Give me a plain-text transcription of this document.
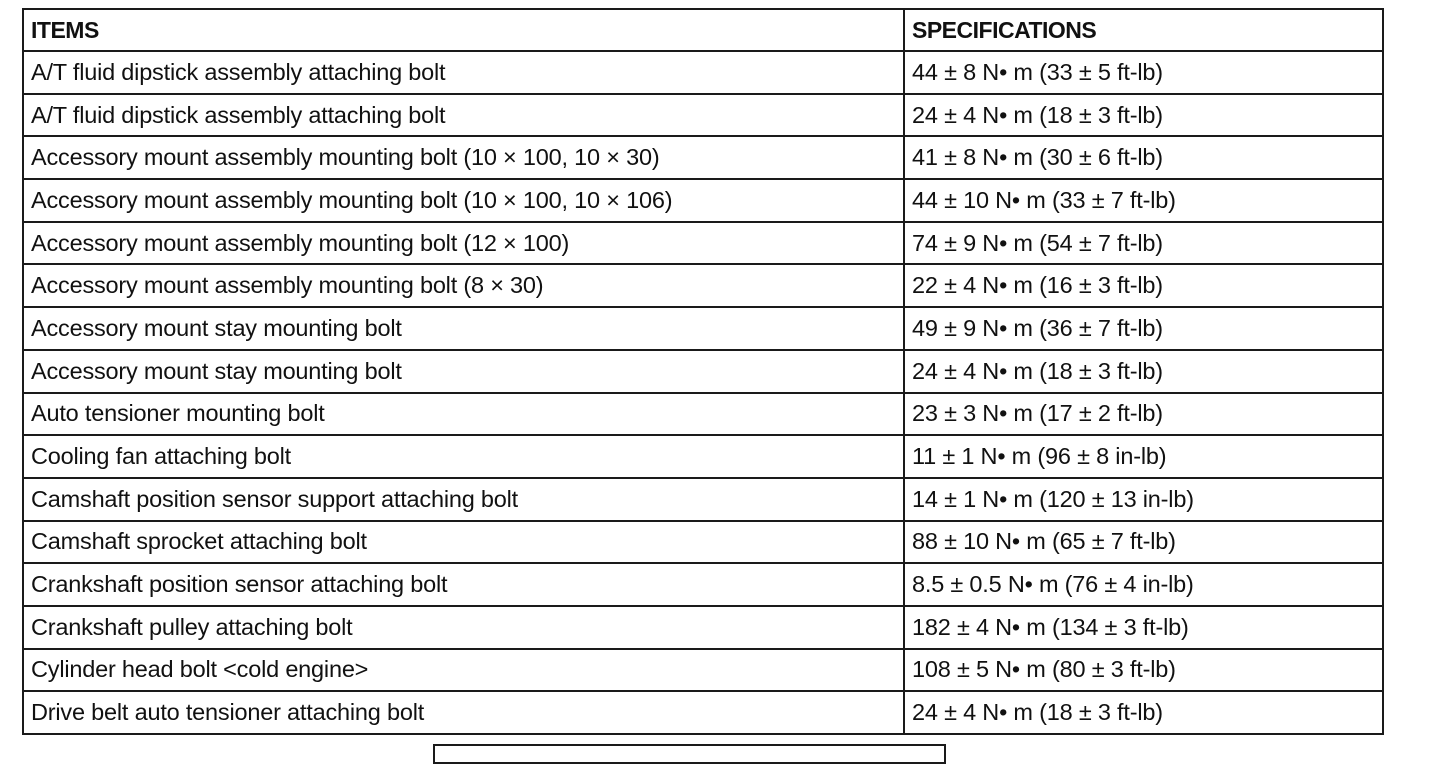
ITEMS	SPECIFICATIONS
A/T fluid dipstick assembly attaching bolt	44 ± 8 N• m (33 ± 5 ft-lb)
A/T fluid dipstick assembly attaching bolt	24 ± 4 N• m (18 ± 3 ft-lb)
Accessory mount assembly mounting bolt (10 × 100, 10 × 30)	41 ± 8 N• m (30 ± 6 ft-lb)
Accessory mount assembly mounting bolt (10 × 100, 10 × 106)	44 ± 10 N• m (33 ± 7 ft-lb)
Accessory mount assembly mounting bolt (12 × 100)	74 ± 9 N• m (54 ± 7 ft-lb)
Accessory mount assembly mounting bolt (8 × 30)	22 ± 4 N• m (16 ± 3 ft-lb)
Accessory mount stay mounting bolt	49 ± 9 N• m (36 ± 7 ft-lb)
Accessory mount stay mounting bolt	24 ± 4 N• m (18 ± 3 ft-lb)
Auto tensioner mounting bolt	23 ± 3 N• m (17 ± 2 ft-lb)
Cooling fan attaching bolt	11 ± 1 N• m (96 ± 8 in-lb)
Camshaft position sensor support attaching bolt	14 ± 1 N• m (120 ± 13 in-lb)
Camshaft sprocket attaching bolt	88 ± 10 N• m (65 ± 7 ft-lb)
Crankshaft position sensor attaching bolt	8.5 ± 0.5 N• m (76 ± 4 in-lb)
Crankshaft pulley attaching bolt	182 ± 4 N• m (134 ± 3 ft-lb)
Cylinder head bolt <cold engine>	108 ± 5 N• m (80 ± 3 ft-lb)
Drive belt auto tensioner attaching bolt	24 ± 4 N• m (18 ± 3 ft-lb)
